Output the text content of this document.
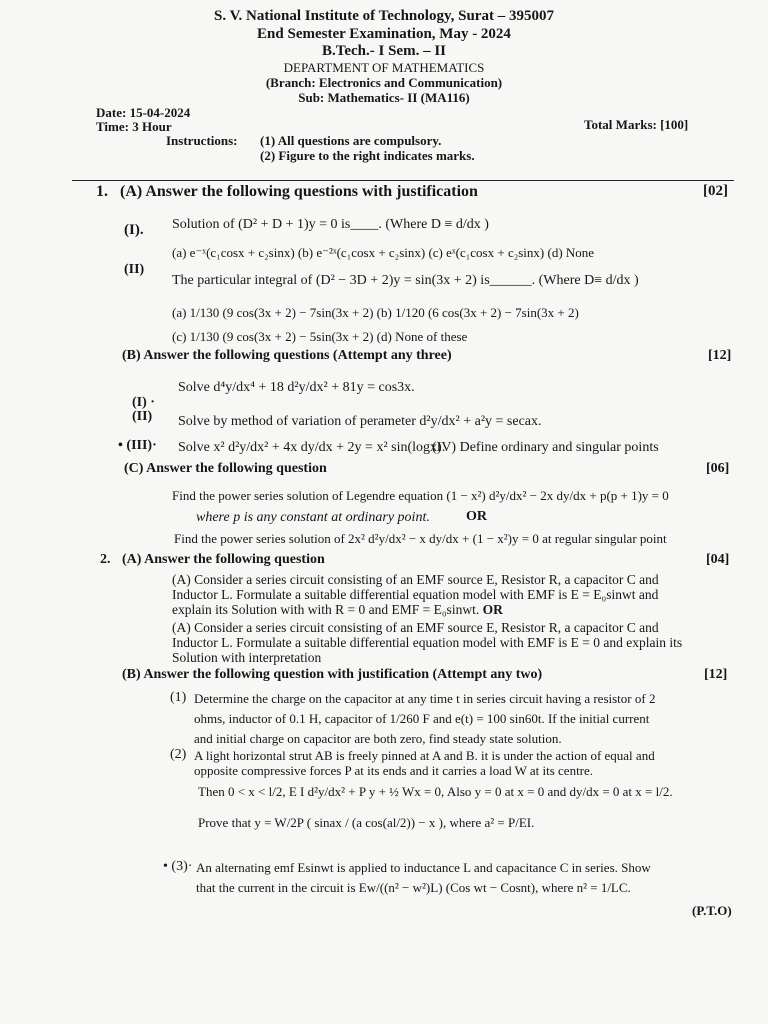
S. V. National Institute of Technology, Surat – 395007
End Semester Examination, May - 2024
B.Tech.- I Sem. – II
DEPARTMENT OF MATHEMATICS
(Branch: Electronics and Communication)
Sub: Mathematics- II (MA116)
Date: 15-04-2024
Time: 3 Hour	Total Marks: [100]
Instructions: (1) All questions are compulsory.
(2) Figure to the right indicates marks.
1. (A) Answer the following questions with justification	[02]
(I). Solution of (D² + D + 1)y = 0 is____. (Where D ≡ d/dx )
(a) e⁻ˣ(c₁cosx + c₂sinx) (b) e⁻²ˣ(c₁cosx + c₂sinx) (c) eˣ(c₁cosx + c₂sinx) (d) None
(II)
The particular integral of (D² − 3D + 2)y = sin(3x + 2) is______. (Where D≡ d/dx )
(a) 1/130 (9 cos(3x + 2) − 7sin(3x + 2) (b) 1/120 (6 cos(3x + 2) − 7sin(3x + 2)
(c) 1/130 (9 cos(3x + 2) − 5sin(3x + 2) (d) None of these
(B) Answer the following questions (Attempt any three)	[12]
(I) ·
Solve d⁴y/dx⁴ + 18 d²y/dx² + 81y = cos3x.
(II) Solve by method of variation of perameter d²y/dx² + a²y = secax.
• (III)· Solve x² d²y/dx² + 4x dy/dx + 2y = x² sin(logx).
(IV) Define ordinary and singular points
(C) Answer the following question	[06]
Find the power series solution of Legendre equation (1 − x²) d²y/dx² − 2x dy/dx + p(p + 1)y = 0
where p is any constant at ordinary point.	OR
Find the power series solution of 2x² d²y/dx² − x dy/dx + (1 − x²)y = 0 at regular singular point
2. (A) Answer the following question	[04]
(A) Consider a series circuit consisting of an EMF source E, Resistor R, a capacitor C and Inductor L. Formulate a suitable differential equation model with EMF is E = E₀sinwt and explain its Solution with with R = 0 and EMF = E₀sinwt. OR
(A) Consider a series circuit consisting of an EMF source E, Resistor R, a capacitor C and Inductor L. Formulate a suitable differential equation model with EMF is E = 0 and explain its Solution with interpretation
(B) Answer the following question with justification (Attempt any two)	[12]
(1) Determine the charge on the capacitor at any time t in series circuit having a resistor of 2
ohms, inductor of 0.1 H, capacitor of 1/260 F and e(t) = 100 sin60t. If the initial current
and initial charge on capacitor are both zero, find steady state solution.
(2) A light horizontal strut AB is freely pinned at A and B. it is under the action of equal and
opposite compressive forces P at its ends and it carries a load W at its centre.
Then 0 < x < l/2, E I d²y/dx² + P y + ½ Wx = 0, Also y = 0 at x = 0 and dy/dx = 0 at x = l/2.
Prove that y = W/2P ( sinax / (a cos(al/2)) − x ), where a² = P/EI.
• (3)· An alternating emf Esinwt is applied to inductance L and capacitance C in series. Show
that the current in the circuit is Ew/((n² − w²)L) (Cos wt − Cosnt), where n² = 1/LC.
(P.T.O)
